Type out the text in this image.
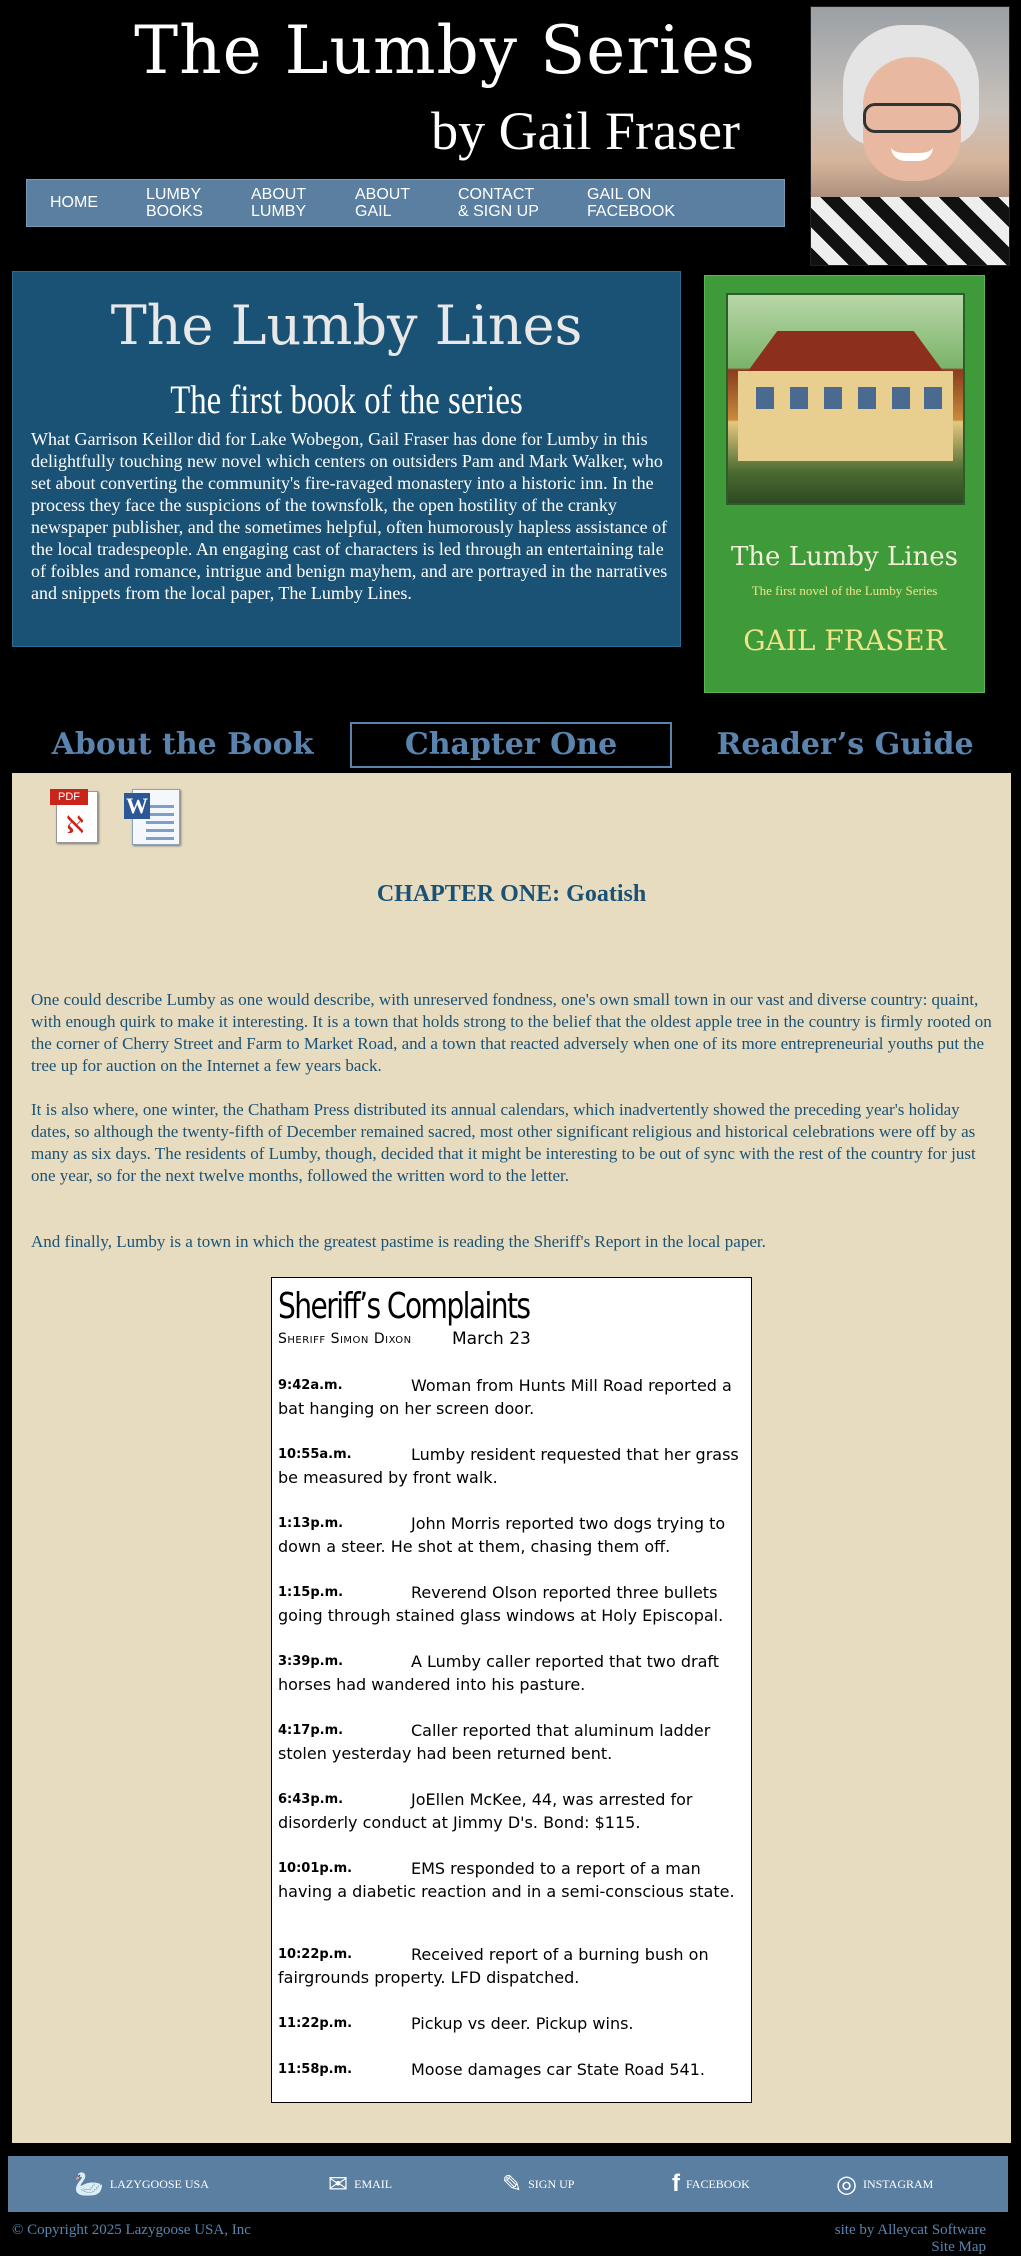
The Lumby Series
by Gail Fraser
HOME	LUMBY
BOOKS
ABOUT
LUMBY
ABOUT
GAIL
CONTACT
& SIGN UP
GAIL ON
FACEBOOK
The Lumby Lines
The first book of the series

What Garrison Keillor did for Lake Wobegon, Gail Fraser has done for Lumby in this delightfully touching new novel which centers on outsiders Pam and Mark Walker, who set about converting the community's fire-ravaged monastery into a historic inn. In the process they face the suspicions of the townsfolk, the open hostility of the cranky newspaper publisher, and the sometimes helpful, often humorously hapless assistance of the local tradespeople. An engaging cast of characters is led through an entertaining tale of foibles and romance, intrigue and benign mayhem, and are portrayed in the narratives and snippets from the local paper, The Lumby Lines.

The Lumby Lines
The first novel of the Lumby Series
GAIL FRASER
About the Book	Chapter One	Reader’s Guide
PDF
ℵ
W
CHAPTER ONE: Goatish

One could describe Lumby as one would describe, with unreserved fondness, one's own small town in our vast and diverse country: quaint, with enough quirk to make it interesting. It is a town that holds strong to the belief that the oldest apple tree in the country is firmly rooted on the corner of Cherry Street and Farm to Market Road, and a town that reacted adversely when one of its more entrepreneurial youths put the tree up for auction on the Internet a few years back.

It is also where, one winter, the Chatham Press distributed its annual calendars, which inadvertently showed the preceding year's holiday dates, so although the twenty-fifth of December remained sacred, most other significant religious and historical celebrations were off by as many as six days. The residents of Lumby, though, decided that it might be interesting to be out of sync with the rest of the country for just one year, so for the next twelve months, followed the written word to the letter.

And finally, Lumby is a town in which the greatest pastime is reading the Sheriff's Report in the local paper.

Sheriff’s Complaints
Sheriff Simon Dixon March 23
9:42a.m.	Woman from Hunts Mill Road reported a bat hanging on her screen door.
10:55a.m.	Lumby resident requested that her grass be measured by front walk.
1:13p.m.	John Morris reported two dogs trying to down a steer. He shot at them, chasing them off.
1:15p.m.	Reverend Olson reported three bullets going through stained glass windows at Holy Episcopal.
3:39p.m.	A Lumby caller reported that two draft horses had wandered into his pasture.
4:17p.m.	Caller reported that aluminum ladder stolen yesterday had been returned bent.
6:43p.m.	JoEllen McKee, 44, was arrested for disorderly conduct at Jimmy D's. Bond: $115.
10:01p.m.	EMS responded to a report of a man having a diabetic reaction and in a semi-conscious state.
10:22p.m.	Received report of a burning bush on fairgrounds property. LFD dispatched.
11:22p.m.	Pickup vs deer. Pickup wins.
11:58p.m.	Moose damages car State Road 541.
🦢 LAZYGOOSE USA	✉ EMAIL	✎ SIGN UP	f FACEBOOK	◎ INSTAGRAM
© Copyright 2025 Lazygoose USA, Inc	site by Alleycat Software
Site Map
